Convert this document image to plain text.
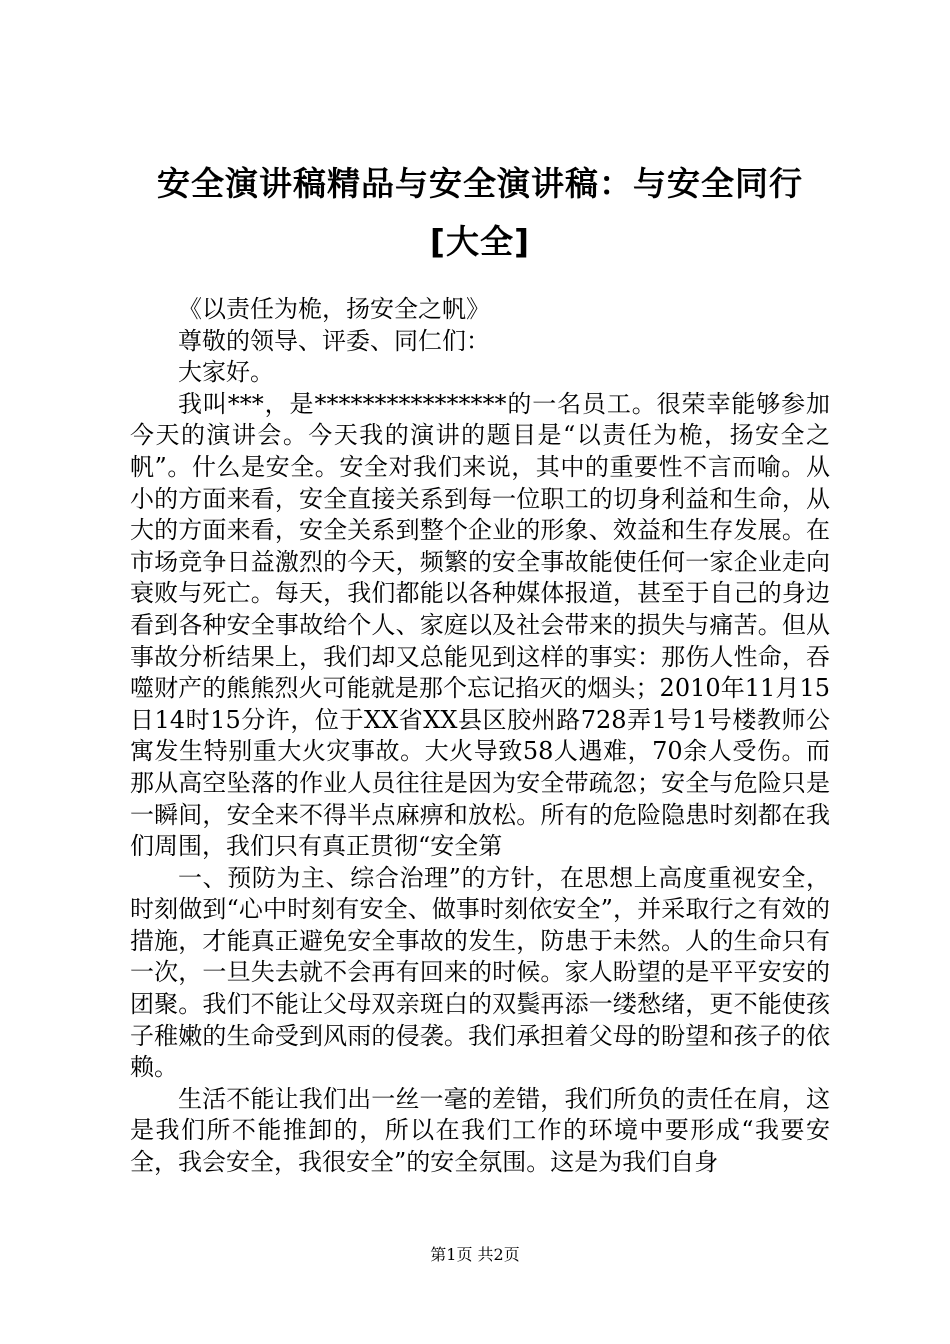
安全演讲稿精品与安全演讲稿：与安全同行
[大全]

《以责任为桅，扬安全之帆》

尊敬的领导、评委、同仁们：

大家好。

我叫***，是****************的一名员工。很荣幸能够参加今天的演讲会。今天我的演讲的题目是“以责任为桅，扬安全之帆”。什么是安全。安全对我们来说，其中的重要性不言而喻。从小的方面来看，安全直接关系到每一位职工的切身利益和生命，从大的方面来看，安全关系到整个企业的形象、效益和生存发展。在市场竞争日益激烈的今天，频繁的安全事故能使任何一家企业走向衰败与死亡。每天，我们都能以各种媒体报道，甚至于自己的身边看到各种安全事故给个人、家庭以及社会带来的损失与痛苦。但从事故分析结果上，我们却又总能见到这样的事实：那伤人性命，吞噬财产的熊熊烈火可能就是那个忘记掐灭的烟头；2010年11月15日14时15分许，位于XX省XX县区胶州路728弄1号1号楼教师公寓发生特别重大火灾事故。大火导致58人遇难，70余人受伤。而那从高空坠落的作业人员往往是因为安全带疏忽；安全与危险只是一瞬间，安全来不得半点麻痹和放松。所有的危险隐患时刻都在我们周围，我们只有真正贯彻“安全第

一、预防为主、综合治理”的方针，在思想上高度重视安全，时刻做到“心中时刻有安全、做事时刻依安全”，并采取行之有效的措施，才能真正避免安全事故的发生，防患于未然。人的生命只有一次，一旦失去就不会再有回来的时候。家人盼望的是平平安安的团聚。我们不能让父母双亲斑白的双鬓再添一缕愁绪，更不能使孩子稚嫩的生命受到风雨的侵袭。我们承担着父母的盼望和孩子的依赖。

生活不能让我们出一丝一毫的差错，我们所负的责任在肩，这是我们所不能推卸的，所以在我们工作的环境中要形成“我要安全，我会安全，我很安全”的安全氛围。这是为我们自身

第1页 共2页
